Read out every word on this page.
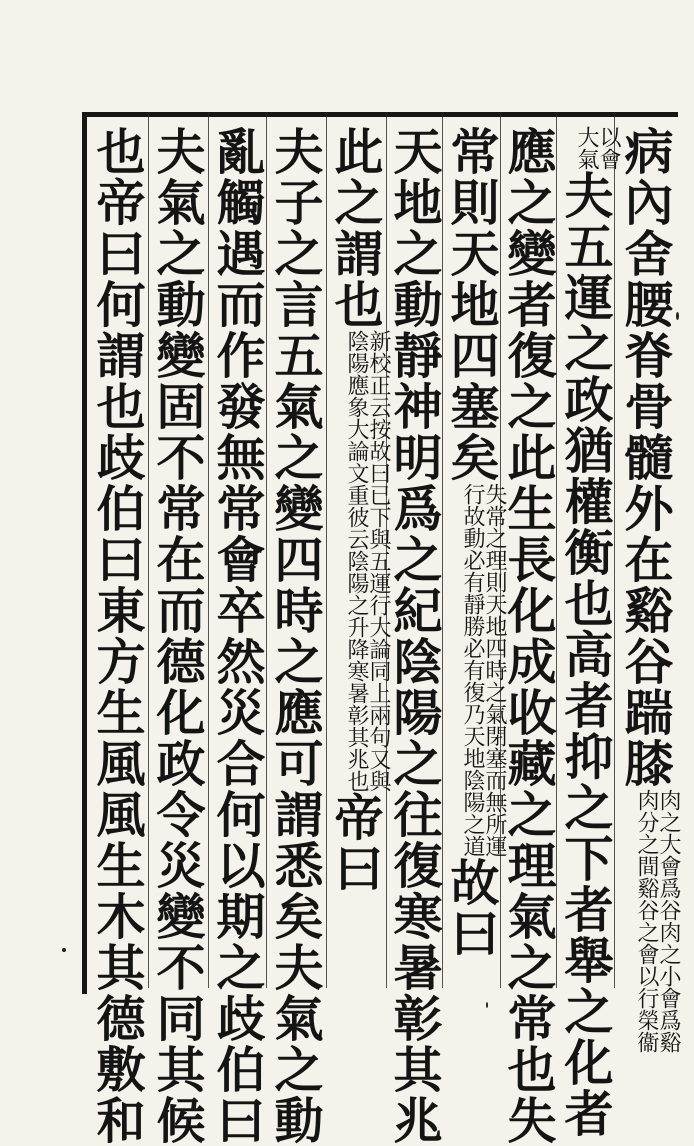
病內舍腰脊骨髓外在谿谷踹膝
肉之大會爲谷肉之小會爲谿
肉分之間谿谷之會以行榮衞
以會
大氣
夫五運之政猶權衡也高者抑之下者舉之化者
應之變者復之此生長化成收藏之理氣之常也失
常則天地四塞矣
失常之理則天地四時之氣閉塞而無所運
行故動必有靜勝必有復乃天地陰陽之道
故曰
天地之動靜神明爲之紀陰陽之往復寒暑彰其兆
此之謂也
新校正云按故曰已下與五運行大論同上兩句又與
陰陽應象大論文重彼云陰陽之升降寒暑彰其兆也
帝曰
夫子之言五氣之變四時之應可謂悉矣夫氣之動
亂觸遇而作發無常會卒然災合何以期之歧伯曰
夫氣之動變固不常在而德化政令災變不同其候
也帝曰何謂也歧伯曰東方生風風生木其德敷和
